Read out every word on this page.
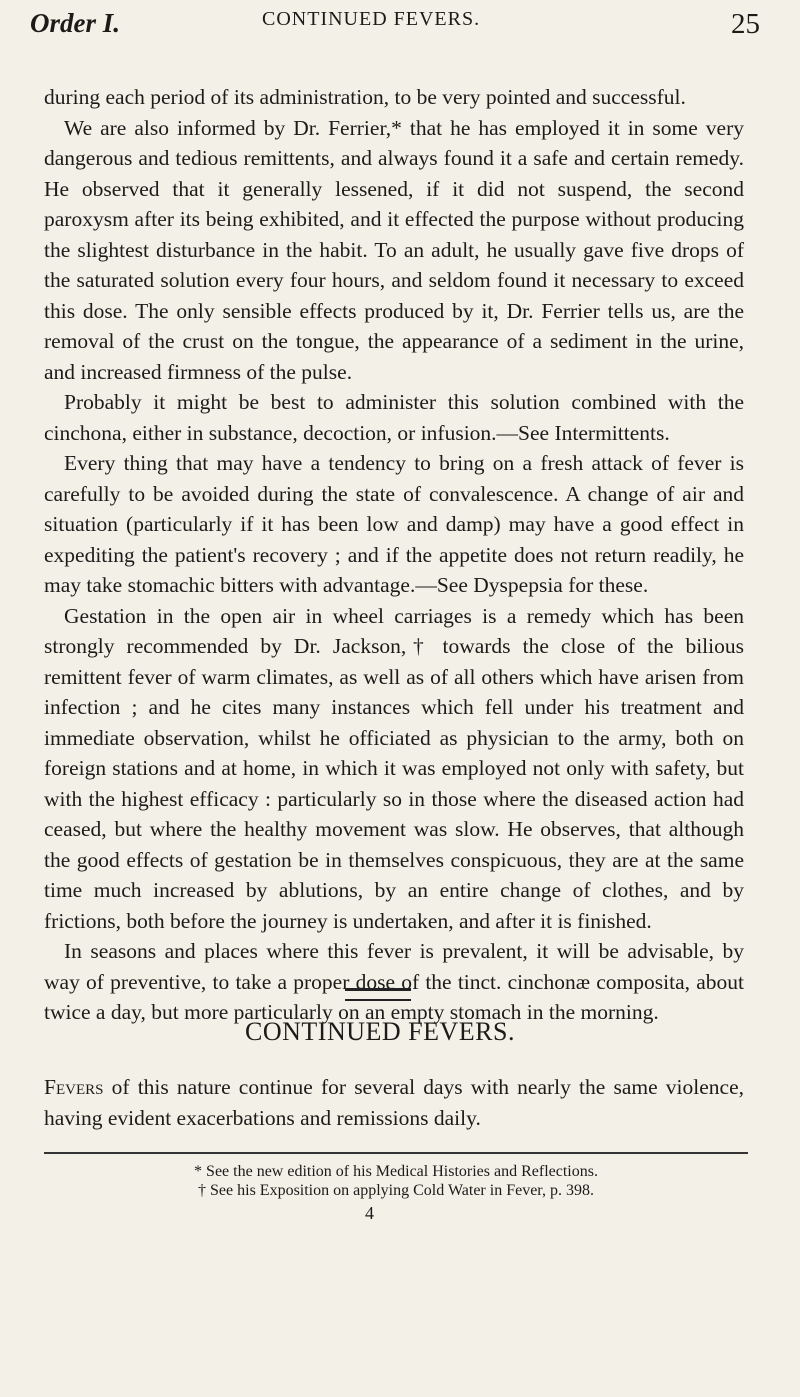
Order I.	CONTINUED FEVERS.	25

during each period of its administration, to be very pointed and successful.

We are also informed by Dr. Ferrier,* that he has employed it in some very dangerous and tedious remittents, and always found it a safe and certain remedy. He observed that it generally lessened, if it did not suspend, the second paroxysm after its being exhibited, and it effected the purpose without producing the slightest disturbance in the habit. To an adult, he usually gave five drops of the saturated solution every four hours, and seldom found it necessary to exceed this dose. The only sensible effects produced by it, Dr. Ferrier tells us, are the removal of the crust on the tongue, the appearance of a sediment in the urine, and increased firmness of the pulse.

Probably it might be best to administer this solution combined with the cinchona, either in substance, decoction, or infusion.—See Intermittents.

Every thing that may have a tendency to bring on a fresh attack of fever is carefully to be avoided during the state of convalescence. A change of air and situation (particularly if it has been low and damp) may have a good effect in expediting the patient's recovery ; and if the appetite does not return readily, he may take stomachic bitters with advantage.—See Dyspepsia for these.

Gestation in the open air in wheel carriages is a remedy which has been strongly recommended by Dr. Jackson,† towards the close of the bilious remittent fever of warm climates, as well as of all others which have arisen from infection ; and he cites many instances which fell under his treatment and immediate observation, whilst he officiated as physician to the army, both on foreign stations and at home, in which it was employed not only with safety, but with the highest efficacy : particularly so in those where the diseased action had ceased, but where the healthy movement was slow. He observes, that although the good effects of gestation be in themselves conspicuous, they are at the same time much increased by ablutions, by an entire change of clothes, and by frictions, both before the journey is undertaken, and after it is finished.

In seasons and places where this fever is prevalent, it will be advisable, by way of preventive, to take a proper dose of the tinct. cinchonæ composita, about twice a day, but more particularly on an empty stomach in the morning.

CONTINUED FEVERS.

Fevers of this nature continue for several days with nearly the same violence, having evident exacerbations and remissions daily.

* See the new edition of his Medical Histories and Reflections.
† See his Exposition on applying Cold Water in Fever, p. 398.
4
